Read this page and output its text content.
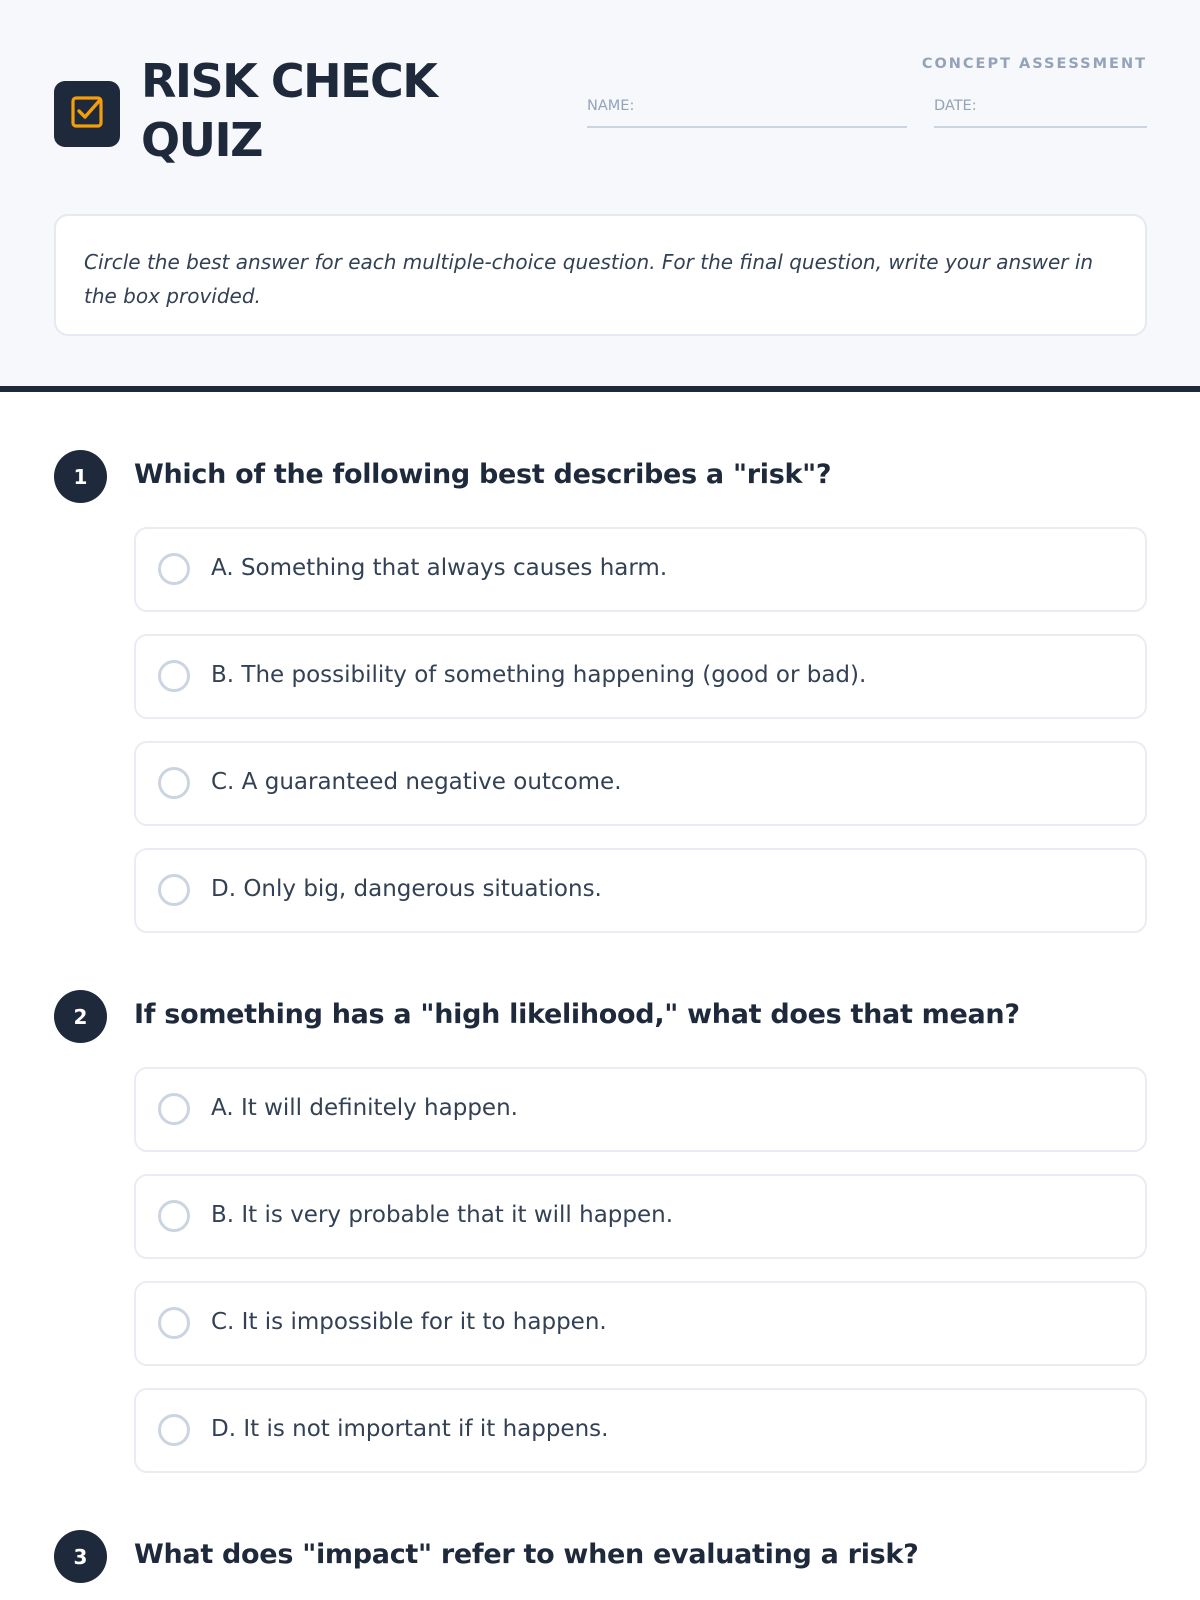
RISK CHECK QUIZ
CONCEPT ASSESSMENT
NAME:	DATE:
Circle the best answer for each multiple-choice question. For the final question, write your answer in the box provided.
1	Which of the following best describes a "risk"?
A. Something that always causes harm.
B. The possibility of something happening (good or bad).
C. A guaranteed negative outcome.
D. Only big, dangerous situations.
2	If something has a "high likelihood," what does that mean?
A. It will definitely happen.
B. It is very probable that it will happen.
C. It is impossible for it to happen.
D. It is not important if it happens.
3	What does "impact" refer to when evaluating a risk?
